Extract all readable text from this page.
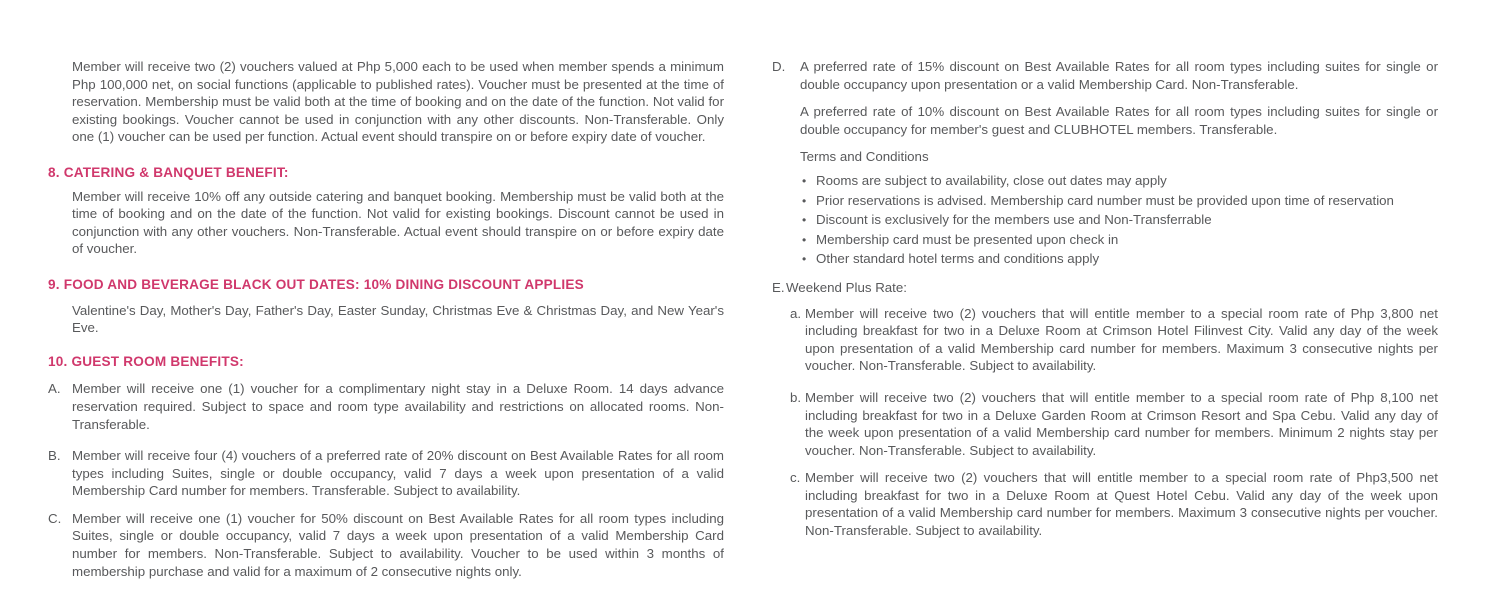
Member will receive two (2) vouchers valued at Php 5,000 each to be used when member spends a minimum Php 100,000 net, on social functions (applicable to published rates). Voucher must be presented at the time of reservation. Membership must be valid both at the time of booking and on the date of the function. Not valid for existing bookings. Voucher cannot be used in conjunction with any other discounts. Non-Transferable. Only one (1) voucher can be used per function. Actual event should transpire on or before expiry date of voucher.

8. CATERING & BANQUET BENEFIT:

Member will receive 10% off any outside catering and banquet booking. Membership must be valid both at the time of booking and on the date of the function. Not valid for existing bookings. Discount cannot be used in conjunction with any other vouchers. Non-Transferable. Actual event should transpire on or before expiry date of voucher.

9. FOOD AND BEVERAGE BLACK OUT DATES: 10% DINING DISCOUNT APPLIES

Valentine's Day, Mother's Day, Father's Day, Easter Sunday, Christmas Eve & Christmas Day, and New Year's Eve.

10. GUEST ROOM BENEFITS:
A. Member will receive one (1) voucher for a complimentary night stay in a Deluxe Room. 14 days advance reservation required. Subject to space and room type availability and restrictions on allocated rooms. Non-Transferable.
B. Member will receive four (4) vouchers of a preferred rate of 20% discount on Best Available Rates for all room types including Suites, single or double occupancy, valid 7 days a week upon presentation of a valid Membership Card number for members. Transferable. Subject to availability.
C. Member will receive one (1) voucher for 50% discount on Best Available Rates for all room types including Suites, single or double occupancy, valid 7 days a week upon presentation of a valid Membership Card number for members. Non-Transferable. Subject to availability. Voucher to be used within 3 months of membership purchase and valid for a maximum of 2 consecutive nights only.
D. A preferred rate of 15% discount on Best Available Rates for all room types including suites for single or double occupancy upon presentation or a valid Membership Card. Non-Transferable.

A preferred rate of 10% discount on Best Available Rates for all room types including suites for single or double occupancy for member's guest and CLUBHOTEL members. Transferable.

Terms and Conditions

• Rooms are subject to availability, close out dates may apply
• Prior reservations is advised. Membership card number must be provided upon time of reservation
• Discount is exclusively for the members use and Non-Transferrable
• Membership card must be presented upon check in
• Other standard hotel terms and conditions apply
E. Weekend Plus Rate:
a. Member will receive two (2) vouchers that will entitle member to a special room rate of Php 3,800 net including breakfast for two in a Deluxe Room at Crimson Hotel Filinvest City. Valid any day of the week upon presentation of a valid Membership card number for members. Maximum 3 consecutive nights per voucher. Non-Transferable. Subject to availability.
b. Member will receive two (2) vouchers that will entitle member to a special room rate of Php 8,100 net including breakfast for two in a Deluxe Garden Room at Crimson Resort and Spa Cebu. Valid any day of the week upon presentation of a valid Membership card number for members. Minimum 2 nights stay per voucher. Non-Transferable. Subject to availability.
c. Member will receive two (2) vouchers that will entitle member to a special room rate of Php3,500 net including breakfast for two in a Deluxe Room at Quest Hotel Cebu. Valid any day of the week upon presentation of a valid Membership card number for members. Maximum 3 consecutive nights per voucher. Non-Transferable. Subject to availability.
